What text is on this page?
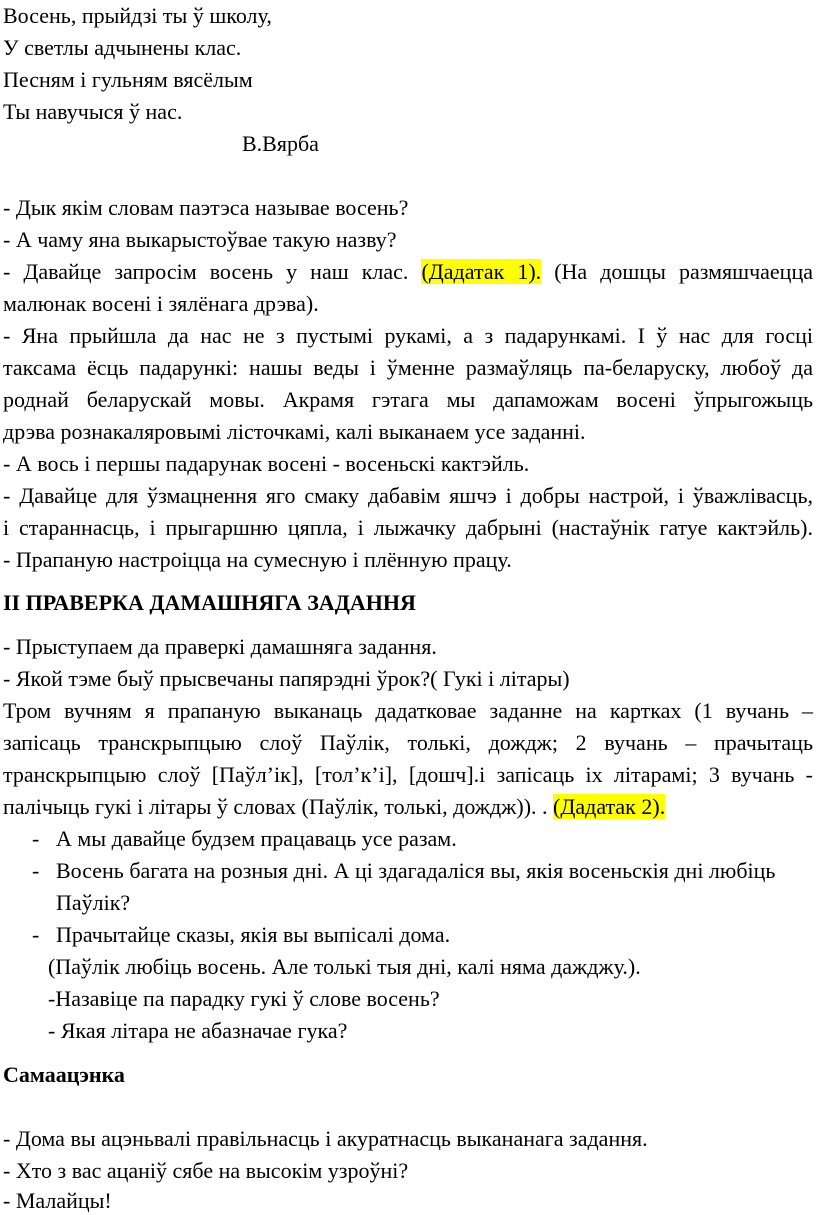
Восень, прыйдзі ты ў школу,
У светлы адчынены клас.
Песням і гульням вясёлым
Ты навучыся ў нас.
В.Вярба
- Дык якім словам паэтэса называе восень?
- А чаму яна выкарыстоўвае такую назву?
- Давайце запросім восень у наш клас. (Дадатак 1). (На дошцы размяшчаецца
малюнак восені і зялёнага дрэва).
- Яна прыйшла да нас не з пустымі рукамі, а з падарункамі. І ў нас для госці
таксама ёсць падарункі: нашы веды і ўменне размаўляць па-беларуску, любоў да
роднай беларускай мовы. Акрамя гэтага мы дапаможам восені ўпрыгожыць
дрэва рознакаляровымі лісточкамі, калі выканаем усе заданні.
- А вось і першы падарунак восені - восеньскі кактэйль.
- Давайце для ўзмацнення яго смаку дабавім яшчэ і добры настрой, і ўважлівасць,
і стараннасць, і прыгаршню цяпла, і лыжачку дабрыні (настаўнік гатуе кактэйль).
- Прапаную настроіцца на сумесную і плённую працу.
II ПРАВЕРКА ДАМАШНЯГА ЗАДАННЯ
- Прыступаем да праверкі дамашняга задання.
- Якой тэме быў прысвечаны папярэдні ўрок?( Гукі і літары)
Тром вучням я прапаную выканаць дадатковае заданне на картках (1 вучань –
запісаць транскрыпцыю слоў Паўлік, толькі, дождж; 2 вучань – прачытаць
транскрыпцыю слоў [Паўл’ік], [тол’к’і], [дошч].і запісаць іх літарамі; 3 вучань -
палічыць гукі і літары ў словах (Паўлік, толькі, дождж)). . (Дадатак 2).
- А мы давайце будзем працаваць усе разам.
- Восень багата на розныя дні. А ці здагадаліся вы, якія восеньскія дні любіць
Паўлік?
- Прачытайце сказы, якія вы выпісалі дома.
(Паўлік любіць восень. Але толькі тыя дні, калі няма дажджу.).
-Назавіце па парадку гукі ў слове восень?
- Якая літара не абазначае гука?
Самаацэнка
- Дома вы ацэньвалі правільнасць і акуратнасць выкананага задання.
- Хто з вас ацаніў сябе на высокім узроўні?
- Малайцы!
